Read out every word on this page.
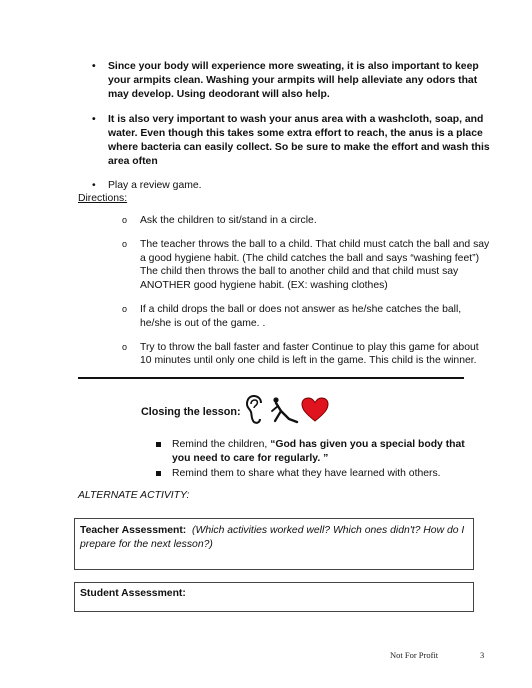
• Since your body will experience more sweating, it is also important to keep your armpits clean. Washing your armpits will help alleviate any odors that may develop. Using deodorant will also help.
• It is also very important to wash your anus area with a washcloth, soap, and water. Even though this takes some extra effort to reach, the anus is a place where bacteria can easily collect. So be sure to make the effort and wash this area often
• Play a review game.
Directions:
o Ask the children to sit/stand in a circle.
o The teacher throws the ball to a child. That child must catch the ball and say a good hygiene habit. (The child catches the ball and says “washing feet”) The child then throws the ball to another child and that child must say ANOTHER good hygiene habit. (EX: washing clothes)
o If a child drops the ball or does not answer as he/she catches the ball, he/she is out of the game. .
o Try to throw the ball faster and faster Continue to play this game for about 10 minutes until only one child is left in the game. This child is the winner.
Closing the lesson:
Remind the children, “God has given you a special body that you need to care for regularly. ”
Remind them to share what they have learned with others.
ALTERNATE ACTIVITY:
Teacher Assessment: (Which activities worked well? Which ones didn't? How do I prepare for the next lesson?)
Student Assessment:
Not For Profit	3
